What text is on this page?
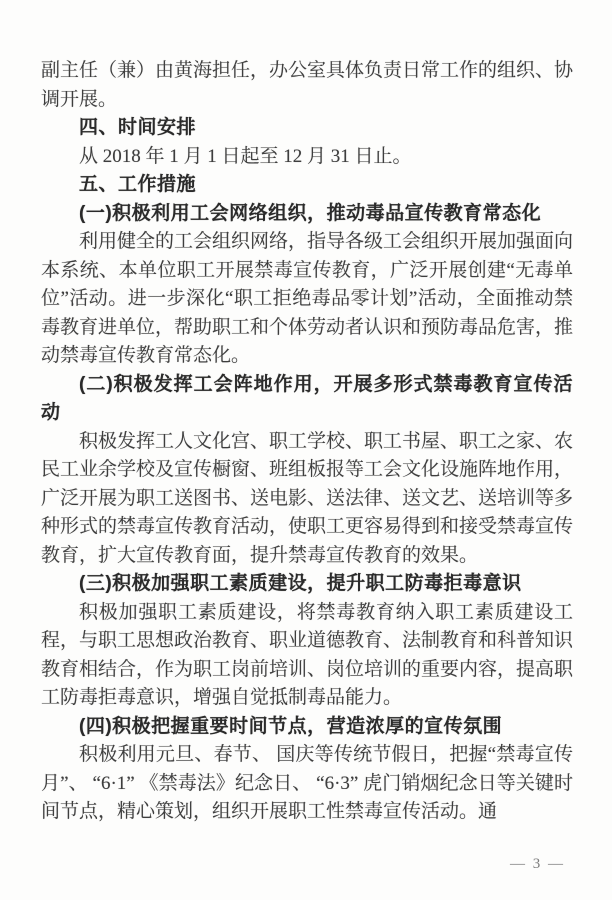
副主任（兼）由黄海担任，办公室具体负责日常工作的组织、协调开展。

四、时间安排

从 2018 年 1 月 1 日起至 12 月 31 日止。

五、工作措施
(一)积极利用工会网络组织，推动毒品宣传教育常态化

利用健全的工会组织网络，指导各级工会组织开展加强面向本系统、本单位职工开展禁毒宣传教育，广泛开展创建“无毒单位”活动。进一步深化“职工拒绝毒品零计划”活动，全面推动禁毒教育进单位，帮助职工和个体劳动者认识和预防毒品危害，推动禁毒宣传教育常态化。

(二)积极发挥工会阵地作用，开展多形式禁毒教育宣传活动

积极发挥工人文化宫、职工学校、职工书屋、职工之家、农民工业余学校及宣传橱窗、班组板报等工会文化设施阵地作用，广泛开展为职工送图书、送电影、送法律、送文艺、送培训等多种形式的禁毒宣传教育活动，使职工更容易得到和接受禁毒宣传教育，扩大宣传教育面，提升禁毒宣传教育的效果。

(三)积极加强职工素质建设，提升职工防毒拒毒意识

积极加强职工素质建设，将禁毒教育纳入职工素质建设工程，与职工思想政治教育、职业道德教育、法制教育和科普知识教育相结合，作为职工岗前培训、岗位培训的重要内容，提高职工防毒拒毒意识，增强自觉抵制毒品能力。

(四)积极把握重要时间节点，营造浓厚的宣传氛围

积极利用元旦、春节、 国庆等传统节假日，把握“禁毒宣传月”、 “6·1” 《禁毒法》纪念日、 “6·3” 虎门销烟纪念日等关键时间节点，精心策划，组织开展职工性禁毒宣传活动。通

— 3 —
